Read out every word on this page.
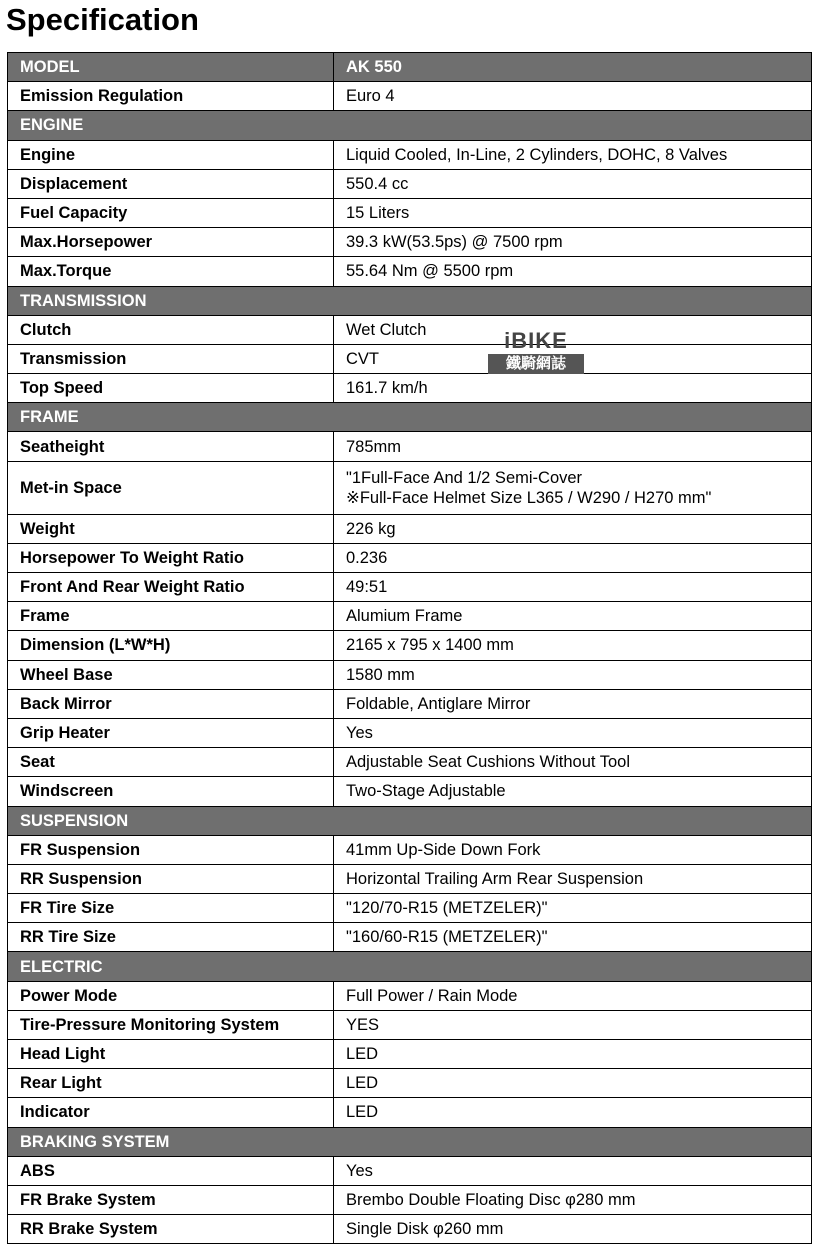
Specification
MODEL	AK 550
Emission Regulation	Euro 4
ENGINE	
Engine	Liquid Cooled, In-Line, 2 Cylinders, DOHC, 8 Valves
Displacement	550.4 cc
Fuel Capacity	15 Liters
Max.Horsepower	39.3 kW(53.5ps) @ 7500 rpm
Max.Torque	55.64 Nm @ 5500 rpm
TRANSMISSION	
Clutch	Wet Clutch
Transmission	CVT
Top Speed	161.7 km/h
FRAME	
Seatheight	785mm
Met-in Space	"1Full-Face And 1/2 Semi-Cover
※Full-Face Helmet Size L365 / W290 / H270 mm"
Weight	226 kg
Horsepower To Weight Ratio	0.236
Front And Rear Weight Ratio	49:51
Frame	Alumium Frame
Dimension (L*W*H)	2165 x 795 x 1400 mm
Wheel Base	1580 mm
Back Mirror	Foldable, Antiglare Mirror
Grip Heater	Yes
Seat	Adjustable Seat Cushions Without Tool
Windscreen	Two-Stage Adjustable
SUSPENSION	
FR Suspension	41mm Up-Side Down Fork
RR Suspension	Horizontal Trailing Arm Rear Suspension
FR Tire Size	"120/70-R15 (METZELER)"
RR Tire Size	"160/60-R15 (METZELER)"
ELECTRIC	
Power Mode	Full Power / Rain Mode
Tire-Pressure Monitoring System	YES
Head Light	LED
Rear Light	LED
Indicator	LED
BRAKING SYSTEM	
ABS	Yes
FR Brake System	Brembo Double Floating Disc φ280 mm
RR Brake System	Single Disk φ260 mm
iBIKE
鐵騎網誌
